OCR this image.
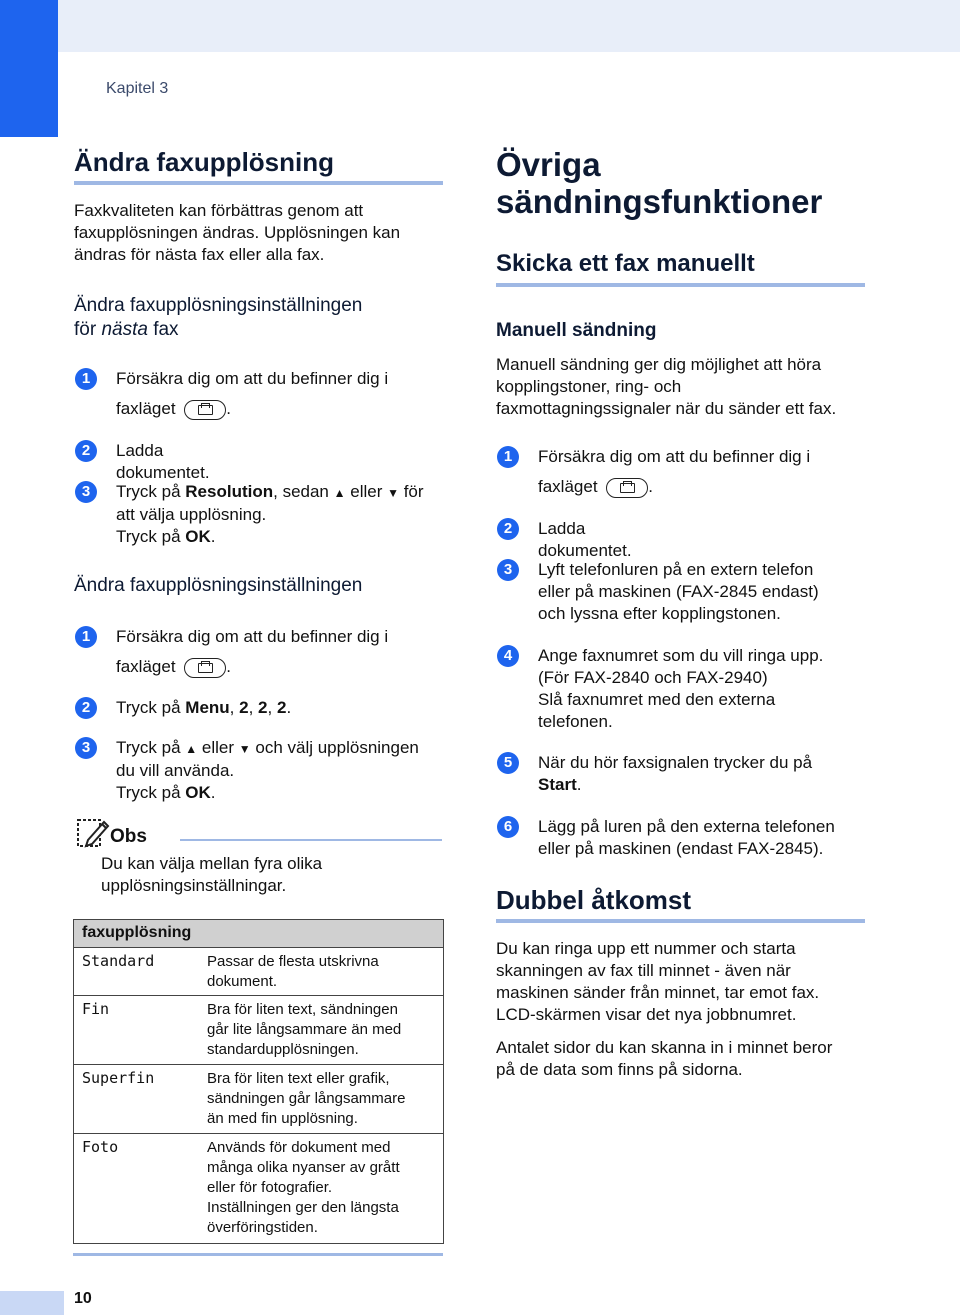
Kapitel 3
Ändra faxupplösning
Faxkvaliteten kan förbättras genom att
faxupplösningen ändras. Upplösningen kan
ändras för nästa fax eller alla fax.
Ändra faxupplösningsinställningen
för nästa fax
1	Försäkra dig om att du befinner dig i
faxläget	.
2	Ladda dokumentet.
3	Tryck på Resolution, sedan ▲ eller ▼ för
att välja upplösning.
Tryck på OK.
Ändra faxupplösningsinställningen
1	Försäkra dig om att du befinner dig i
faxläget	.
2	Tryck på Menu, 2, 2, 2.
3	Tryck på ▲ eller ▼ och välj upplösningen
du vill använda.
Tryck på OK.
Obs
Du kan välja mellan fyra olika
upplösningsinställningar.
faxupplösning
Standard	Passar de flesta utskrivna
dokument.
Fin	Bra för liten text, sändningen
går lite långsammare än med
standardupplösningen.
Superfin	Bra för liten text eller grafik,
sändningen går långsammare
än med fin upplösning.
Foto	Används för dokument med
många olika nyanser av grått
eller för fotografier.
Inställningen ger den längsta
överföringstiden.
Övriga
sändningsfunktioner
Skicka ett fax manuellt
Manuell sändning
Manuell sändning ger dig möjlighet att höra
kopplingstoner, ring- och
faxmottagningssignaler när du sänder ett fax.
1	Försäkra dig om att du befinner dig i
faxläget	.
2	Ladda dokumentet.
3	Lyft telefonluren på en extern telefon
eller på maskinen (FAX-2845 endast)
och lyssna efter kopplingstonen.
4	Ange faxnumret som du vill ringa upp.
(För FAX-2840 och FAX-2940)
Slå faxnumret med den externa
telefonen.
5	När du hör faxsignalen trycker du på
Start.
6	Lägg på luren på den externa telefonen
eller på maskinen (endast FAX-2845).
Dubbel åtkomst
Du kan ringa upp ett nummer och starta
skanningen av fax till minnet - även när
maskinen sänder från minnet, tar emot fax.
LCD-skärmen visar det nya jobbnumret.
Antalet sidor du kan skanna in i minnet beror
på de data som finns på sidorna.
10
